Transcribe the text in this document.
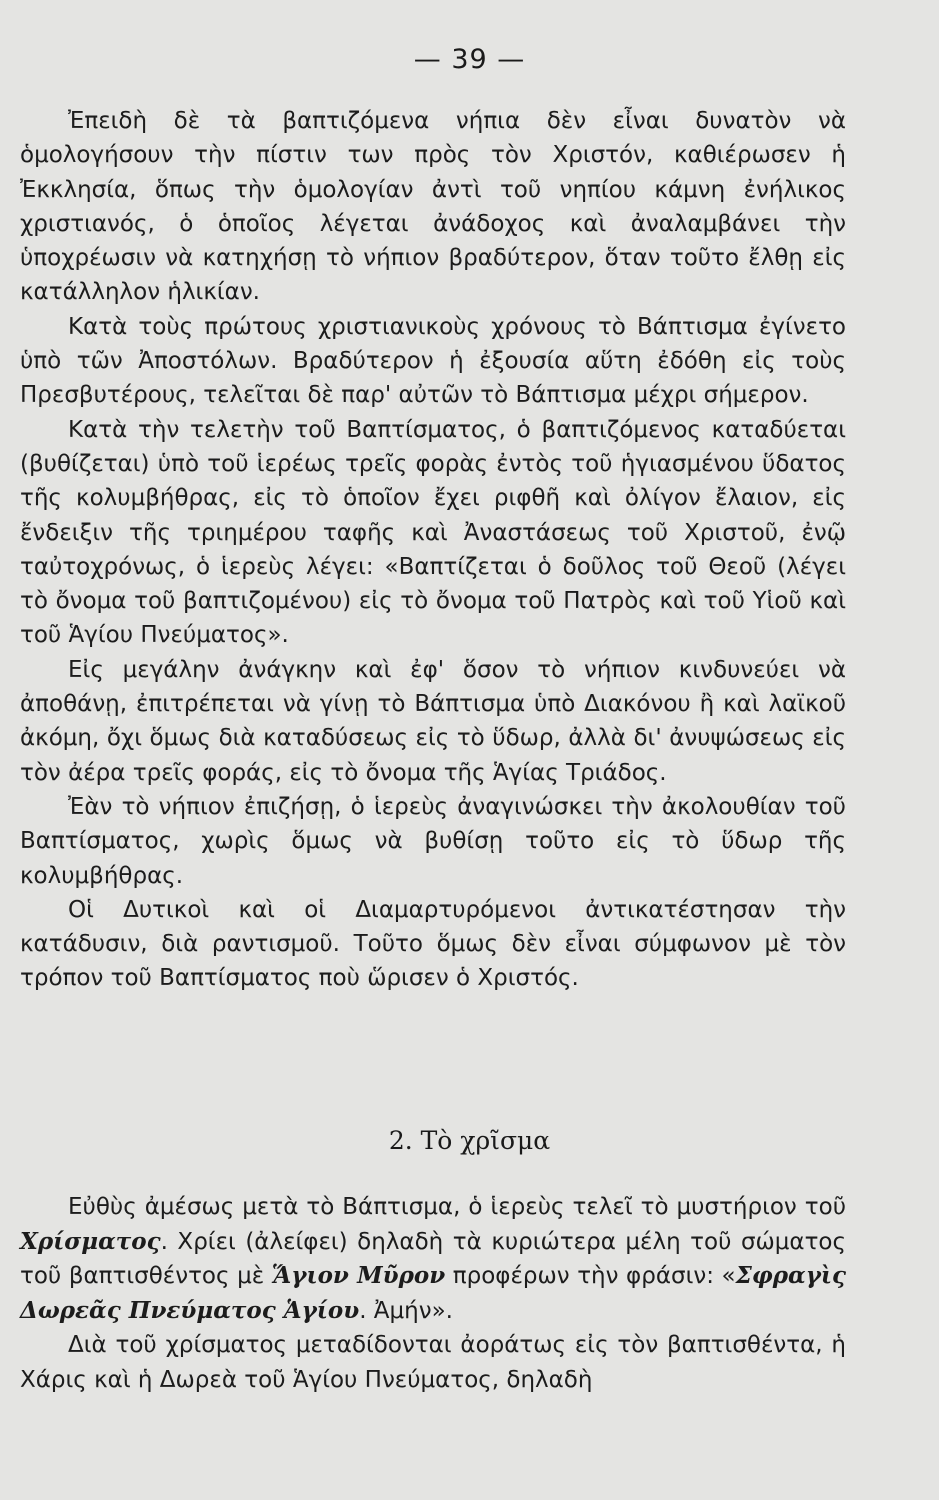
— 39 —

Ἐπειδὴ δὲ τὰ βαπτιζόμενα νήπια δὲν εἶναι δυνατὸν νὰ ὁμολογήσουν τὴν πίστιν των πρὸς τὸν Χριστόν, καθιέρωσεν ἡ Ἐκκλησία, ὅπως τὴν ὁμολογίαν ἀντὶ τοῦ νηπίου κάμνη ἐνήλικος χριστιανός, ὁ ὁποῖος λέγεται ἀνάδοχος καὶ ἀναλαμβάνει τὴν ὑποχρέωσιν νὰ κατηχήσῃ τὸ νήπιον βραδύτερον, ὅταν τοῦτο ἔλθῃ εἰς κατάλληλον ἡλικίαν.

Κατὰ τοὺς πρώτους χριστιανικοὺς χρόνους τὸ Βάπτισμα ἐγίνετο ὑπὸ τῶν Ἀποστόλων. Βραδύτερον ἡ ἐξουσία αὕτη ἐδόθη εἰς τοὺς Πρεσβυτέρους, τελεῖται δὲ παρ' αὐτῶν τὸ Βάπτισμα μέχρι σήμερον.

Κατὰ τὴν τελετὴν τοῦ Βαπτίσματος, ὁ βαπτιζόμενος καταδύεται (βυθίζεται) ὑπὸ τοῦ ἱερέως τρεῖς φορὰς ἐντὸς τοῦ ἡγιασμένου ὕδατος τῆς κολυμβήθρας, εἰς τὸ ὁποῖον ἔχει ριφθῆ καὶ ὀλίγον ἔλαιον, εἰς ἔνδειξιν τῆς τριημέρου ταφῆς καὶ Ἀναστάσεως τοῦ Χριστοῦ, ἐνῷ ταὐτοχρόνως, ὁ ἱερεὺς λέγει: «Βαπτίζεται ὁ δοῦλος τοῦ Θεοῦ (λέγει τὸ ὄνομα τοῦ βαπτιζομένου) εἰς τὸ ὄνομα τοῦ Πατρὸς καὶ τοῦ Υἱοῦ καὶ τοῦ Ἁγίου Πνεύματος».

Εἰς μεγάλην ἀνάγκην καὶ ἐφ' ὅσον τὸ νήπιον κινδυνεύει νὰ ἀποθάνῃ, ἐπιτρέπεται νὰ γίνῃ τὸ Βάπτισμα ὑπὸ Διακόνου ἢ καὶ λαϊκοῦ ἀκόμη, ὄχι ὅμως διὰ καταδύσεως εἰς τὸ ὕδωρ, ἀλλὰ δι' ἀνυψώσεως εἰς τὸν ἀέρα τρεῖς φοράς, εἰς τὸ ὄνομα τῆς Ἁγίας Τριάδος.

Ἐὰν τὸ νήπιον ἐπιζήσῃ, ὁ ἱερεὺς ἀναγινώσκει τὴν ἀκολουθίαν τοῦ Βαπτίσματος, χωρὶς ὅμως νὰ βυθίσῃ τοῦτο εἰς τὸ ὕδωρ τῆς κολυμβήθρας.

Οἱ Δυτικοὶ καὶ οἱ Διαμαρτυρόμενοι ἀντικατέστησαν τὴν κατάδυσιν, διὰ ραντισμοῦ. Τοῦτο ὅμως δὲν εἶναι σύμφωνον μὲ τὸν τρόπον τοῦ Βαπτίσματος ποὺ ὥρισεν ὁ Χριστός.

2. Τὸ χρῖσμα

Εὐθὺς ἀμέσως μετὰ τὸ Βάπτισμα, ὁ ἱερεὺς τελεῖ τὸ μυστήριον τοῦ Χρίσματος. Χρίει (ἀλείφει) δηλαδὴ τὰ κυριώτερα μέλη τοῦ σώματος τοῦ βαπτισθέντος μὲ Ἅγιον Μῦρον προφέρων τὴν φράσιν: «Σφραγὶς Δωρεᾶς Πνεύματος Ἁγίου. Ἀμήν».

Διὰ τοῦ χρίσματος μεταδίδονται ἀοράτως εἰς τὸν βαπτισθέντα, ἡ Χάρις καὶ ἡ Δωρεὰ τοῦ Ἁγίου Πνεύματος, δηλαδὴ
